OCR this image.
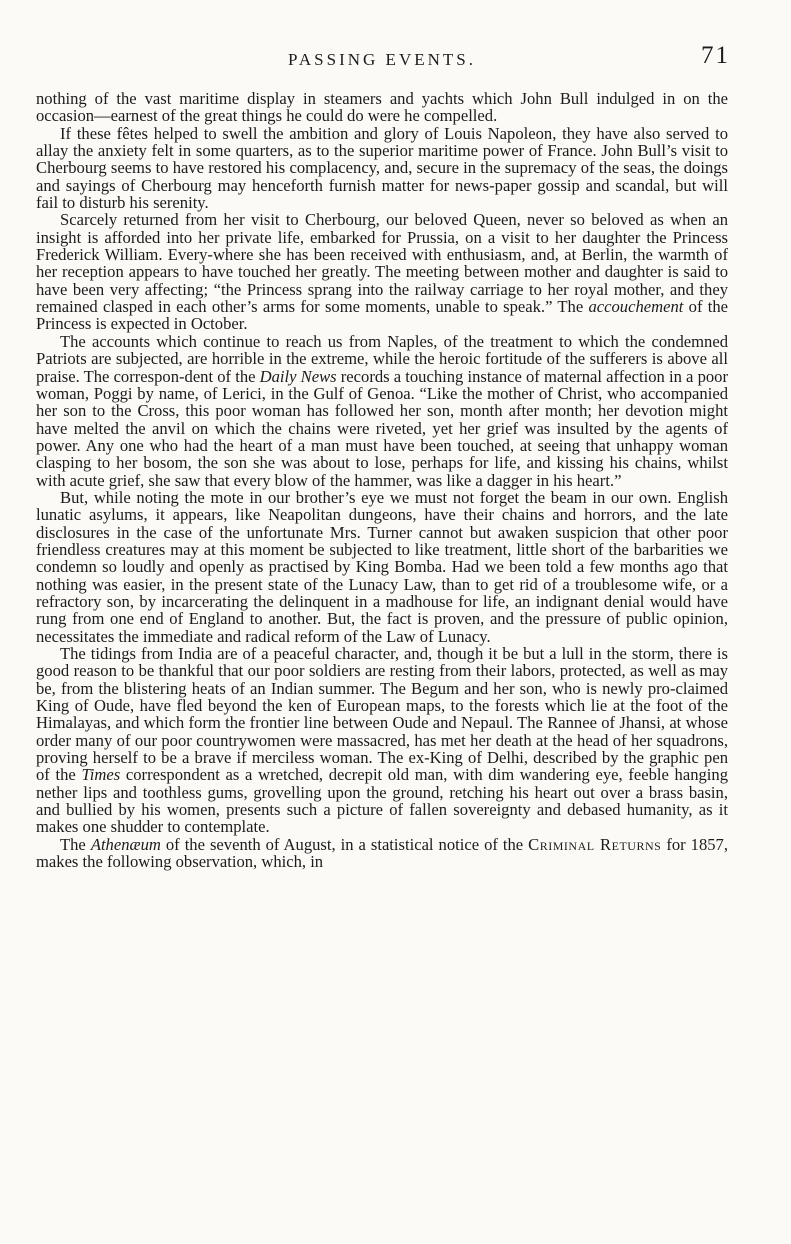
PASSING EVENTS.	71

nothing of the vast maritime display in steamers and yachts which John Bull indulged in on the occasion—earnest of the great things he could do were he compelled.

If these fêtes helped to swell the ambition and glory of Louis Napoleon, they have also served to allay the anxiety felt in some quarters, as to the superior maritime power of France. John Bull’s visit to Cherbourg seems to have restored his complacency, and, secure in the supremacy of the seas, the doings and sayings of Cherbourg may henceforth furnish matter for news-paper gossip and scandal, but will fail to disturb his serenity.

Scarcely returned from her visit to Cherbourg, our beloved Queen, never so beloved as when an insight is afforded into her private life, embarked for Prussia, on a visit to her daughter the Princess Frederick William. Every-where she has been received with enthusiasm, and, at Berlin, the warmth of her reception appears to have touched her greatly. The meeting between mother and daughter is said to have been very affecting; “the Princess sprang into the railway carriage to her royal mother, and they remained clasped in each other’s arms for some moments, unable to speak.” The accouchement of the Princess is expected in October.

The accounts which continue to reach us from Naples, of the treatment to which the condemned Patriots are subjected, are horrible in the extreme, while the heroic fortitude of the sufferers is above all praise. The correspon-dent of the Daily News records a touching instance of maternal affection in a poor woman, Poggi by name, of Lerici, in the Gulf of Genoa. “Like the mother of Christ, who accompanied her son to the Cross, this poor woman has followed her son, month after month; her devotion might have melted the anvil on which the chains were riveted, yet her grief was insulted by the agents of power. Any one who had the heart of a man must have been touched, at seeing that unhappy woman clasping to her bosom, the son she was about to lose, perhaps for life, and kissing his chains, whilst with acute grief, she saw that every blow of the hammer, was like a dagger in his heart.”

But, while noting the mote in our brother’s eye we must not forget the beam in our own. English lunatic asylums, it appears, like Neapolitan dungeons, have their chains and horrors, and the late disclosures in the case of the unfortunate Mrs. Turner cannot but awaken suspicion that other poor friendless creatures may at this moment be subjected to like treatment, little short of the barbarities we condemn so loudly and openly as practised by King Bomba. Had we been told a few months ago that nothing was easier, in the present state of the Lunacy Law, than to get rid of a troublesome wife, or a refractory son, by incarcerating the delinquent in a madhouse for life, an indignant denial would have rung from one end of England to another. But, the fact is proven, and the pressure of public opinion, necessitates the immediate and radical reform of the Law of Lunacy.

The tidings from India are of a peaceful character, and, though it be but a lull in the storm, there is good reason to be thankful that our poor soldiers are resting from their labors, protected, as well as may be, from the blistering heats of an Indian summer. The Begum and her son, who is newly pro-claimed King of Oude, have fled beyond the ken of European maps, to the forests which lie at the foot of the Himalayas, and which form the frontier line between Oude and Nepaul. The Rannee of Jhansi, at whose order many of our poor countrywomen were massacred, has met her death at the head of her squadrons, proving herself to be a brave if merciless woman. The ex-King of Delhi, described by the graphic pen of the Times correspondent as a wretched, decrepit old man, with dim wandering eye, feeble hanging nether lips and toothless gums, grovelling upon the ground, retching his heart out over a brass basin, and bullied by his women, presents such a picture of fallen sovereignty and debased humanity, as it makes one shudder to contemplate.

The Athenæum of the seventh of August, in a statistical notice of the Criminal Returns for 1857, makes the following observation, which, in
